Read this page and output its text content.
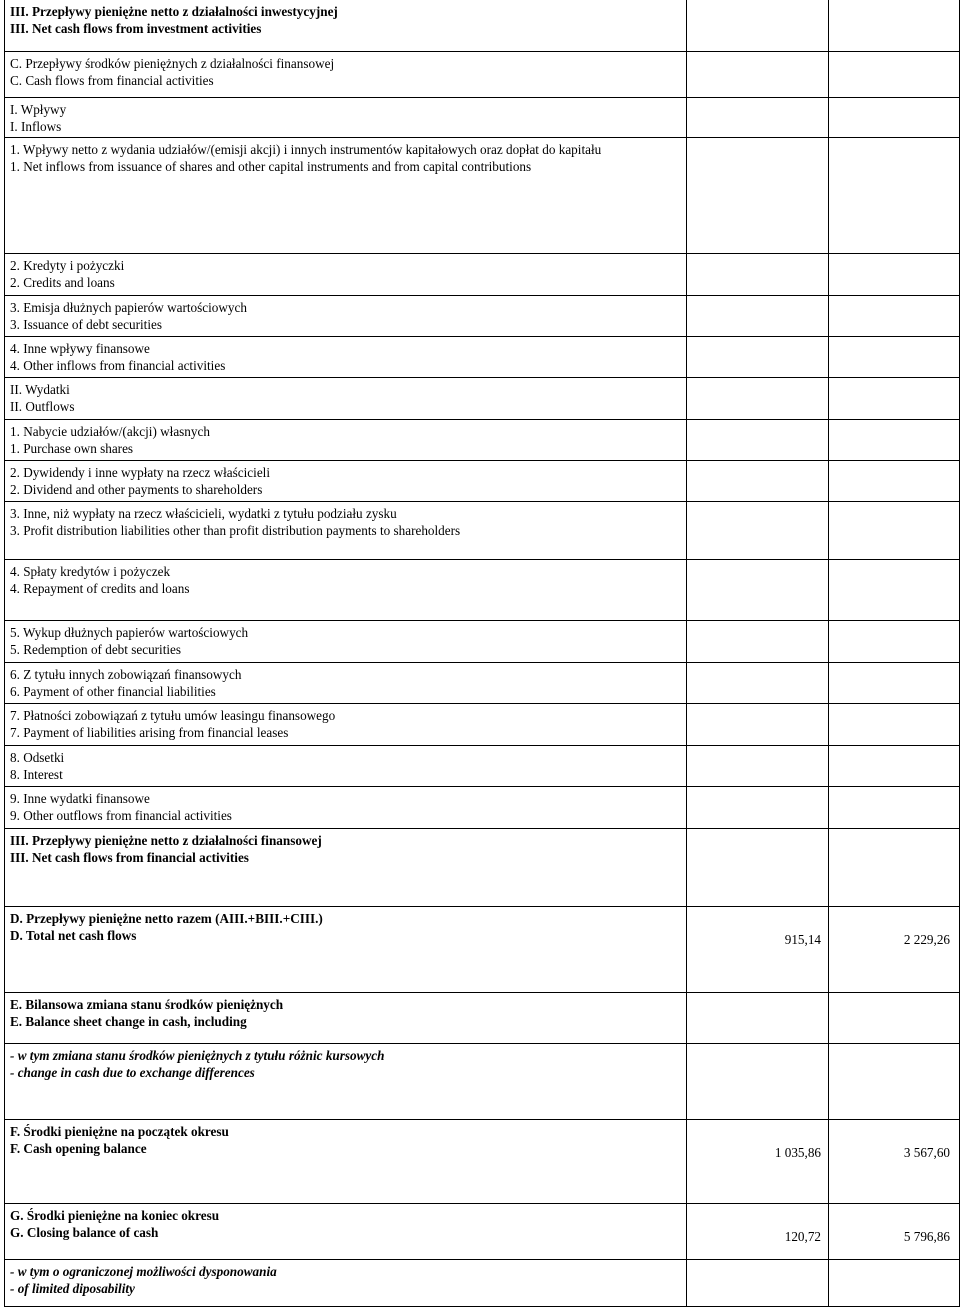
III. Przepływy pieniężne netto z działalności inwestycyjnej
III. Net cash flows from investment activities
C. Przepływy środków pieniężnych z działalności finansowej
C. Cash flows from financial activities
I. Wpływy
I. Inflows
1. Wpływy netto z wydania udziałów/(emisji akcji) i innych instrumentów kapitałowych oraz dopłat do kapitału
1. Net inflows from issuance of shares and other capital instruments and from capital contributions
2. Kredyty i pożyczki
2. Credits and loans
3. Emisja dłużnych papierów wartościowych
3. Issuance of debt securities
4. Inne wpływy finansowe
4. Other inflows from financial activities
II. Wydatki
II. Outflows
1. Nabycie udziałów/(akcji) własnych
1. Purchase own shares
2. Dywidendy i inne wypłaty na rzecz właścicieli
2. Dividend and other payments to shareholders
3. Inne, niż wypłaty na rzecz właścicieli, wydatki z tytułu podziału zysku
3. Profit distribution liabilities other than profit distribution payments to shareholders
4. Spłaty kredytów i pożyczek
4. Repayment of credits and loans
5. Wykup dłużnych papierów wartościowych
5. Redemption of debt securities
6. Z tytułu innych zobowiązań finansowych
6. Payment of other financial liabilities
7. Płatności zobowiązań z tytułu umów leasingu finansowego
7. Payment of liabilities arising from financial leases
8. Odsetki
8. Interest
9. Inne wydatki finansowe
9. Other outflows from financial activities
III. Przepływy pieniężne netto z działalności finansowej
III. Net cash flows from financial activities
D. Przepływy pieniężne netto razem (AIII.+BIII.+CIII.)
D. Total net cash flows	915,14	2 229,26
E. Bilansowa zmiana stanu środków pieniężnych
E. Balance sheet change in cash, including
- w tym zmiana stanu środków pieniężnych z tytułu różnic kursowych
- change in cash due to exchange differences
F. Środki pieniężne na początek okresu
F. Cash opening balance	1 035,86	3 567,60
G. Środki pieniężne na koniec okresu
G. Closing balance of cash	120,72	5 796,86
- w tym o ograniczonej możliwości dysponowania
- of limited diposability
